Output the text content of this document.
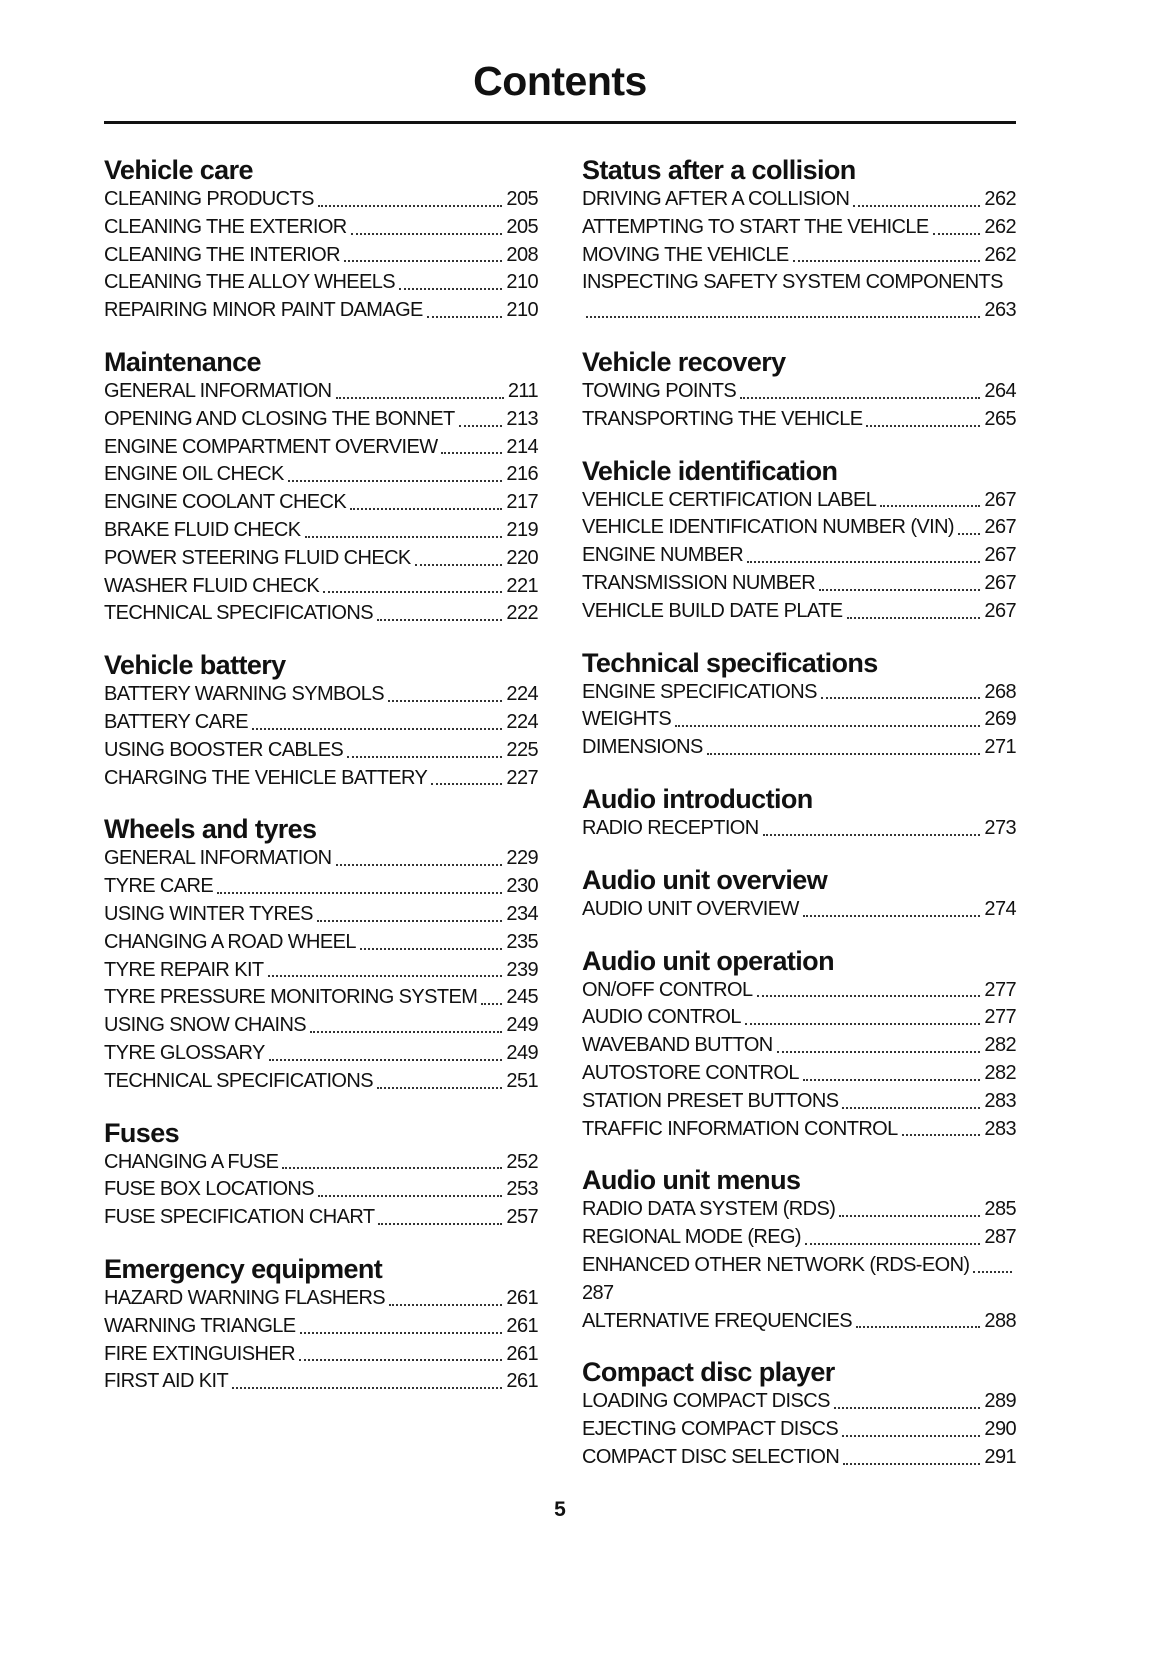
Contents
Vehicle care
CLEANING PRODUCTS	205
CLEANING THE EXTERIOR	205
CLEANING THE INTERIOR	208
CLEANING THE ALLOY WHEELS	210
REPAIRING MINOR PAINT DAMAGE	210
Maintenance
GENERAL INFORMATION	211
OPENING AND CLOSING THE BONNET	213
ENGINE COMPARTMENT OVERVIEW	214
ENGINE OIL CHECK	216
ENGINE COOLANT CHECK	217
BRAKE FLUID CHECK	219
POWER STEERING FLUID CHECK	220
WASHER FLUID CHECK	221
TECHNICAL SPECIFICATIONS	222
Vehicle battery
BATTERY WARNING SYMBOLS	224
BATTERY CARE	224
USING BOOSTER CABLES	225
CHARGING THE VEHICLE BATTERY	227
Wheels and tyres
GENERAL INFORMATION	229
TYRE CARE	230
USING WINTER TYRES	234
CHANGING A ROAD WHEEL	235
TYRE REPAIR KIT	239
TYRE PRESSURE MONITORING SYSTEM 245
USING SNOW CHAINS	249
TYRE GLOSSARY	249
TECHNICAL SPECIFICATIONS	251
Fuses
CHANGING A FUSE	252
FUSE BOX LOCATIONS	253
FUSE SPECIFICATION CHART	257
Emergency equipment
HAZARD WARNING FLASHERS	261
WARNING TRIANGLE	261
FIRE EXTINGUISHER	261
FIRST AID KIT	261
Status after a collision
DRIVING AFTER A COLLISION	262
ATTEMPTING TO START THE VEHICLE	262
MOVING THE VEHICLE	262
INSPECTING SAFETY SYSTEM COMPONENTS
263
Vehicle recovery
TOWING POINTS	264
TRANSPORTING THE VEHICLE	265
Vehicle identification
VEHICLE CERTIFICATION LABEL	267
VEHICLE IDENTIFICATION NUMBER (VIN) 267
ENGINE NUMBER	267
TRANSMISSION NUMBER	267
VEHICLE BUILD DATE PLATE	267
Technical specifications
ENGINE SPECIFICATIONS	268
WEIGHTS	269
DIMENSIONS	271
Audio introduction
RADIO RECEPTION	273
Audio unit overview
AUDIO UNIT OVERVIEW	274
Audio unit operation
ON/OFF CONTROL	277
AUDIO CONTROL	277
WAVEBAND BUTTON	282
AUTOSTORE CONTROL	282
STATION PRESET BUTTONS	283
TRAFFIC INFORMATION CONTROL	283
Audio unit menus
RADIO DATA SYSTEM (RDS)	285
REGIONAL MODE (REG)	287
ENHANCED OTHER NETWORK (RDS-EON)
287
ALTERNATIVE FREQUENCIES	288
Compact disc player
LOADING COMPACT DISCS	289
EJECTING COMPACT DISCS	290
COMPACT DISC SELECTION	291
5
